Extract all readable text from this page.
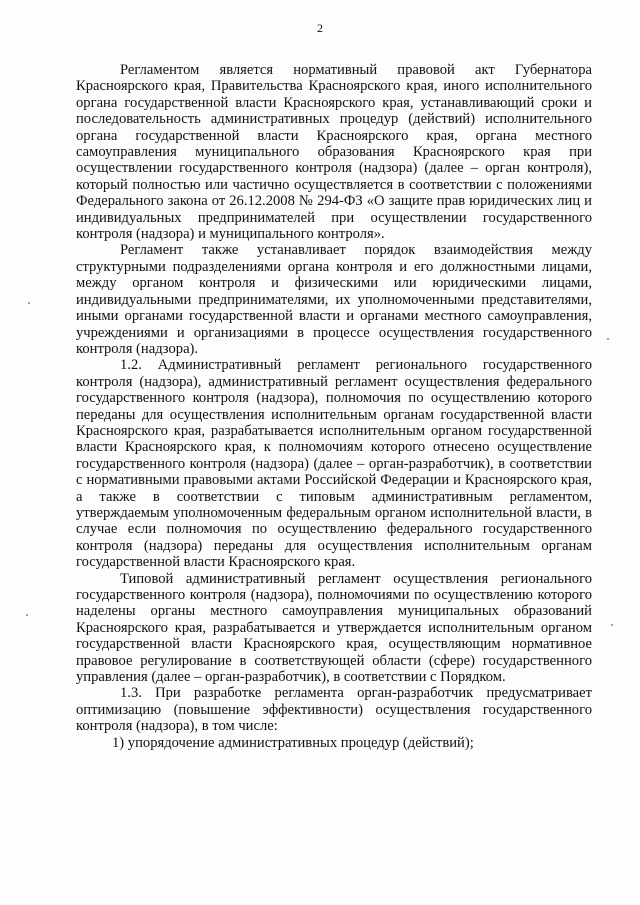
2

Регламентом является нормативный правовой акт Губернатора Красноярского края, Правительства Красноярского края, иного исполнительного органа государственной власти Красноярского края, устанавливающий сроки и последовательность административных процедур (действий) исполнительного органа государственной власти Красноярского края, органа местного самоуправления муниципального образования Красноярского края при осуществлении государственного контроля (надзора) (далее – орган контроля), который полностью или частично осуществляется в соответствии с положениями Федерального закона от 26.12.2008 № 294-ФЗ «О защите прав юридических лиц и индивидуальных предпринимателей при осуществлении государственного контроля (надзора) и муниципального контроля».

Регламент также устанавливает порядок взаимодействия между структурными подразделениями органа контроля и его должностными лицами, между органом контроля и физическими или юридическими лицами, индивидуальными предпринимателями, их уполномоченными представителями, иными органами государственной власти и органами местного самоуправления, учреждениями и организациями в процессе осуществления государственного контроля (надзора).

1.2. Административный регламент регионального государственного контроля (надзора), административный регламент осуществления федерального государственного контроля (надзора), полномочия по осуществлению которого переданы для осуществления исполнительным органам государственной власти Красноярского края, разрабатывается исполнительным органом государственной власти Красноярского края, к полномочиям которого отнесено осуществление государственного контроля (надзора) (далее – орган-разработчик), в соответствии с нормативными правовыми актами Российской Федерации и Красноярского края, а также в соответствии с типовым административным регламентом, утверждаемым уполномоченным федеральным органом исполнительной власти, в случае если полномочия по осуществлению федерального государственного контроля (надзора) переданы для осуществления исполнительным органам государственной власти Красноярского края.

Типовой административный регламент осуществления регионального государственного контроля (надзора), полномочиями по осуществлению которого наделены органы местного самоуправления муниципальных образований Красноярского края, разрабатывается и утверждается исполнительным органом государственной власти Красноярского края, осуществляющим нормативное правовое регулирование в соответствующей области (сфере) государственного управления (далее – орган-разработчик), в соответствии с Порядком.

1.3. При разработке регламента орган-разработчик предусматривает оптимизацию (повышение эффективности) осуществления государственного контроля (надзора), в том числе:

1) упорядочение административных процедур (действий);
